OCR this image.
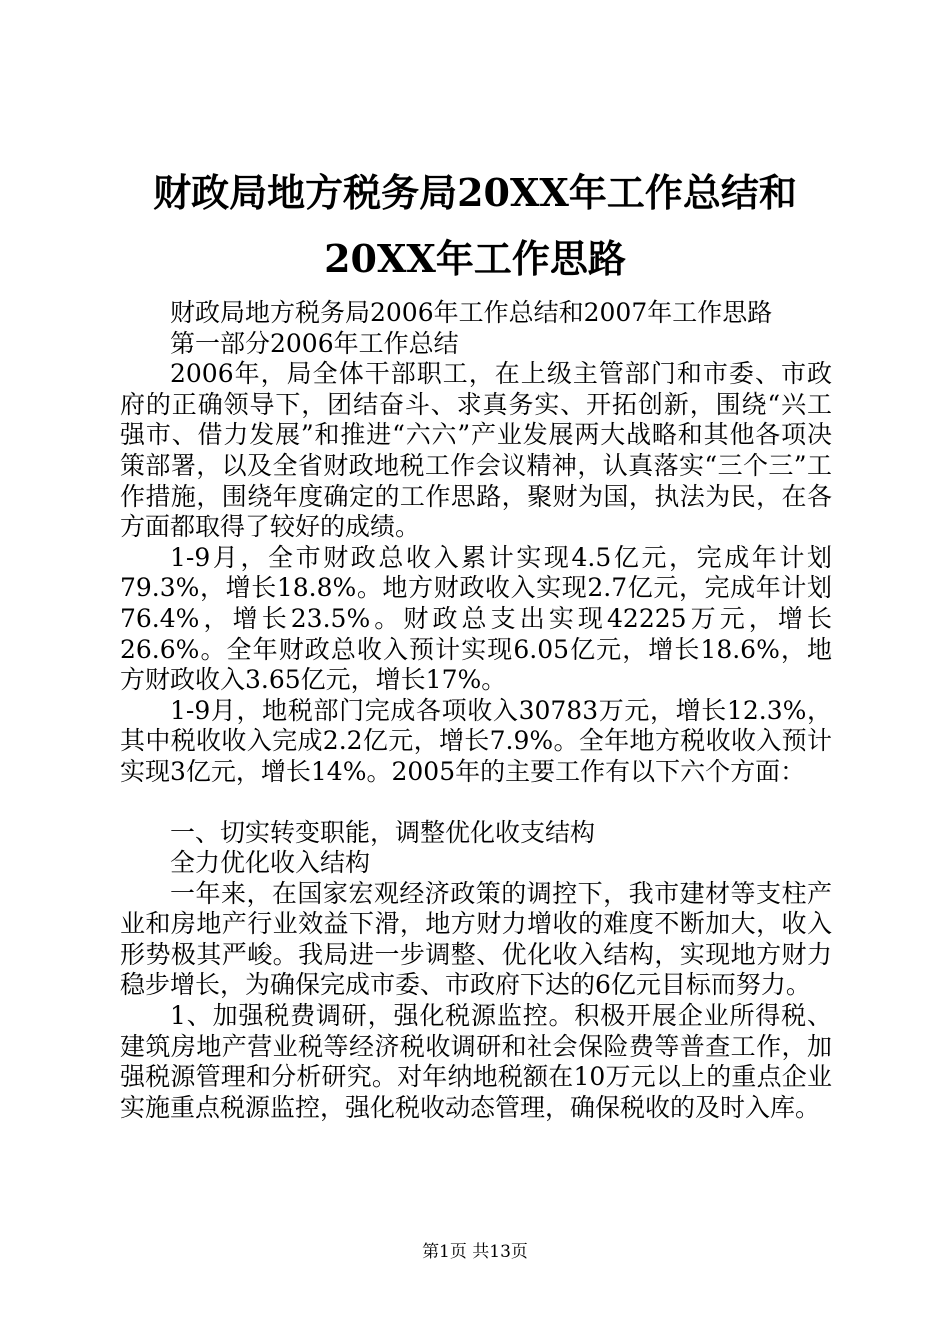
财政局地方税务局20XX年工作总结和20XX年工作思路

财政局地方税务局2006年工作总结和2007年工作思路

第一部分2006年工作总结

2006年，局全体干部职工，在上级主管部门和市委、市政府的正确领导下，团结奋斗、求真务实、开拓创新，围绕“兴工强市、借力发展”和推进“六六”产业发展两大战略和其他各项决策部署，以及全省财政地税工作会议精神，认真落实“三个三”工作措施，围绕年度确定的工作思路，聚财为国，执法为民，在各方面都取得了较好的成绩。

1-9月，全市财政总收入累计实现4.5亿元，完成年计划79.3%，增长18.8%。地方财政收入实现2.7亿元，完成年计划76.4%，增长23.5%。财政总支出实现42225万元，增长26.6%。全年财政总收入预计实现6.05亿元，增长18.6%，地方财政收入3.65亿元，增长17%。

1-9月，地税部门完成各项收入30783万元，增长12.3%，其中税收收入完成2.2亿元，增长7.9%。全年地方税收收入预计实现3亿元，增长14%。2005年的主要工作有以下六个方面：

一、切实转变职能，调整优化收支结构

全力优化收入结构

一年来，在国家宏观经济政策的调控下，我市建材等支柱产业和房地产行业效益下滑，地方财力增收的难度不断加大，收入形势极其严峻。我局进一步调整、优化收入结构，实现地方财力稳步增长，为确保完成市委、市政府下达的6亿元目标而努力。

1、加强税费调研，强化税源监控。积极开展企业所得税、建筑房地产营业税等经济税收调研和社会保险费等普查工作，加强税源管理和分析研究。对年纳地税额在10万元以上的重点企业实施重点税源监控，强化税收动态管理，确保税收的及时入库。

第1页 共13页
